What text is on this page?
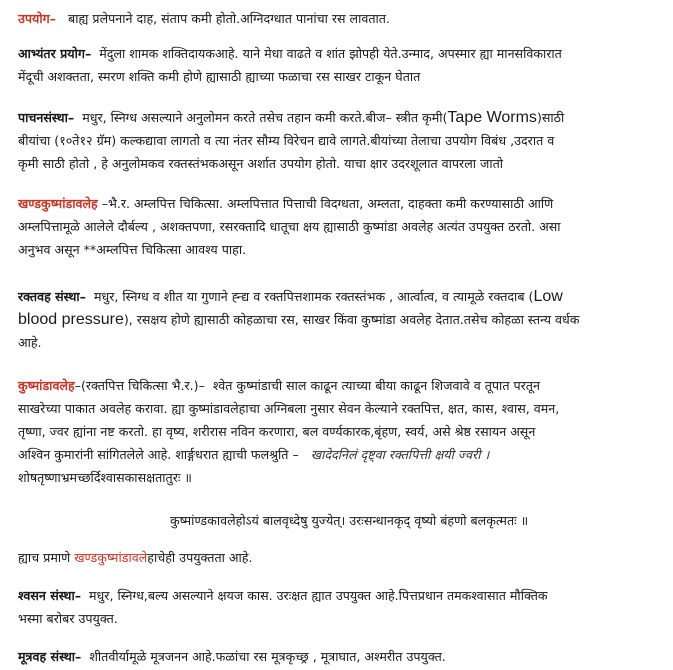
उपयोग– बाह्य प्रलेपनाने दाह, संताप कमी होतो.अग्निदग्धात पानांचा रस लावतात.

आभ्यंतर प्रयोग– मेंदुला शामक शक्तिदायकआहे. याने मेधा वाढते व शांत झोपही येते.उन्माद, अपस्मार ह्या मानसविकारात

मेंदूची अशक्तता, स्मरण शक्ति कमी होणे ह्यासाठी ह्याच्या फळाचा रस साखर टाकून घेतात

पाचनसंस्था– मधुर, स्निग्ध असल्याने अनुलोमन करते तसेच तहान कमी करते.बीज– स्त्रीत कृमी(Tape Worms)साठी

बीयांचा (१०ते१२ ग्रॅम) कल्कद्यावा लागतो व त्या नंतर सौम्य विरेचन द्यावे लागते.बीयांच्या तेलाचा उपयोग विबंध ,उदरात व

कृमी साठी होतो , हे अनुलोमकव रक्तस्तंभकअसून अर्शात उपयोग होतो. याचा क्षार उदरशूलात वापरला जातो

खण्डकुष्मांडावलेह –भै.र. अम्लपित्त चिकित्सा. अम्लपित्तात पित्ताची विदग्धता, अम्लता, दाहक्ता कमी करण्यासाठी आणि

अम्लपित्तामूळे आलेले दौर्बल्य , अशक्तपणा, रसरक्तादि धातूचा क्षय ह्यासाठी कुष्मांडा अवलेह अत्यंत उपयुक्त ठरतो. असा

अनुभव असून **अम्लपित्त चिकित्सा आवश्य पाहा.

रक्तवह संस्था– मधुर, स्निग्ध व शीत या गुणाने ह्न्द्य व रक्तपित्तशामक रक्तस्तंभक , आर्त्वात्व, व त्यामूळे रक्तदाब (Low

blood pressure), रसक्षय होणे ह्यासाठी कोहळाचा रस, साखर किंवा कुष्मांडा अवलेह देतात.तसेच कोहळा स्तन्य वर्धक

आहे.

कुष्मांडावलेह–(रक्तपित्त चिकित्सा भै.र.)– श्वेत कुष्मांडाची साल काढून त्याच्या बीया काढून शिजवावे व तूपात परतून

साखरेच्या पाकात अवलेह करावा. ह्या कुष्मांडावलेहाचा अग्निबला नुसार सेवन केल्याने रक्तपित्त, क्षत, कास, श्वास, वमन,

तृष्णा, ज्वर ह्यांना नष्ट करतो. हा वृष्य, शरीरास नविन करणारा, बल वर्ण्यकारक,बृंहण, स्वर्य, असे श्रेष्ठ रसायन असून

अश्विन कुमारांनी सांगितलेले आहे. शार्ङ्गधरात ह्याची फलश्रुति – खादेदनिलं दृष्ट्वा रक्तपित्ती क्षयी ज्वरी ।

शोषतृष्णाभ्रमच्छर्दिश्वासकासक्षतातुरः ॥

कुष्मांण्डकावलेहोऽयं बालवृध्देषु युज्येत्। उरःसन्धानकृद् वृष्यो बंहणो बलकृत्मतः ॥

ह्याच प्रमाणे खण्डकुष्मांडावलेहाचेही उपयुक्तता आहे.

श्वसन संस्था– मधुर, स्निग्ध,बल्य असल्याने क्षयज कास. उरःक्षत ह्यात उपयुक्त आहे.पित्तप्रधान तमकश्वासात मौक्तिक

भस्मा बरोबर उपयुक्त.

मूत्रवह संस्था– शीतवीर्यामूळे मूत्रजनन आहे.फळांचा रस मूत्रकृच्छ्र , मूत्राघात, अश्मरीत उपयुक्त.
